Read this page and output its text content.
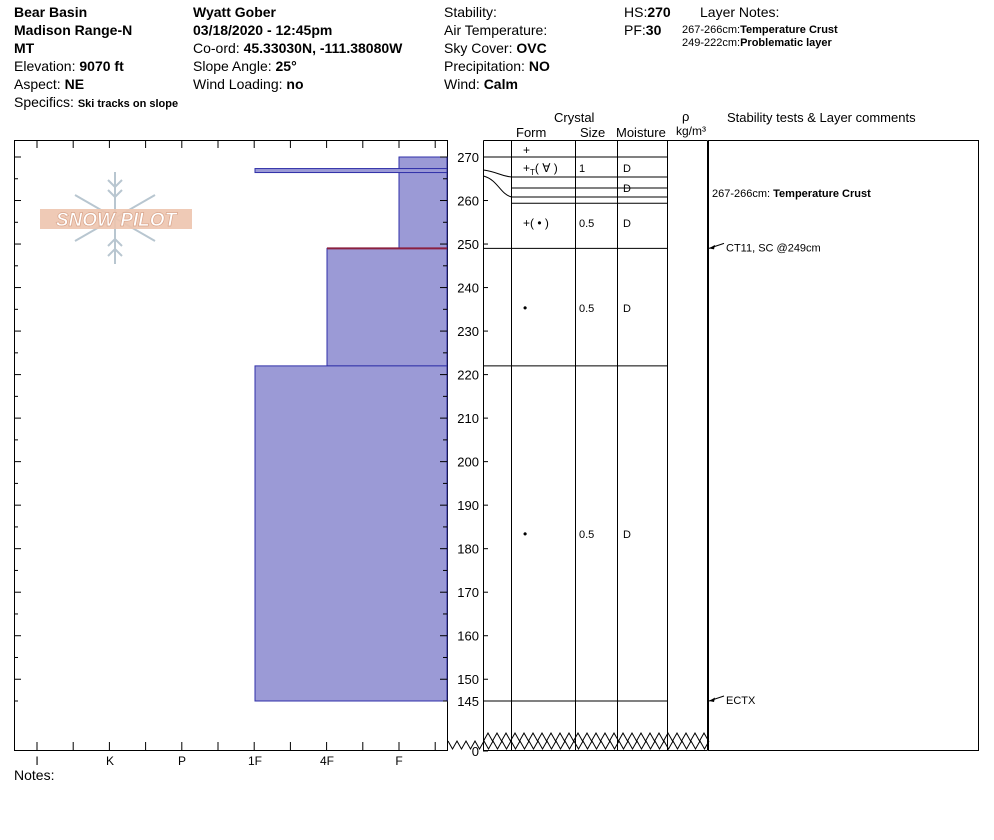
Bear Basin
Madison Range-N
MT
Elevation: 9070 ft
Aspect: NE
Specifics: Ski tracks on slope
Wyatt Gober
03/18/2020 - 12:45pm
Co-ord: 45.33030N, -111.38080W
Slope Angle: 25°
Wind Loading: no
Stability:
Air Temperature:
Sky Cover: OVC
Precipitation: NO
Wind: Calm
HS:270
PF:30
Layer Notes:
267-266cm:Temperature Crust
249-222cm:Problematic layer
Crystal
Form	Size Moisture
ρ
kg/m³
Stability tests & Layer comments
Notes:
I	K	P	1F	4F	F
SNOW PILOT
270
260
250
240
230
220
210
200
190
180
170
160
150
145
0
+
$+_T$( ∀ ) 1	D
D
+( • )	0.5	D
•	0.5	D
•	0.5	D
267-266cm: Temperature Crust
CT11, SC @249cm
ECTX
